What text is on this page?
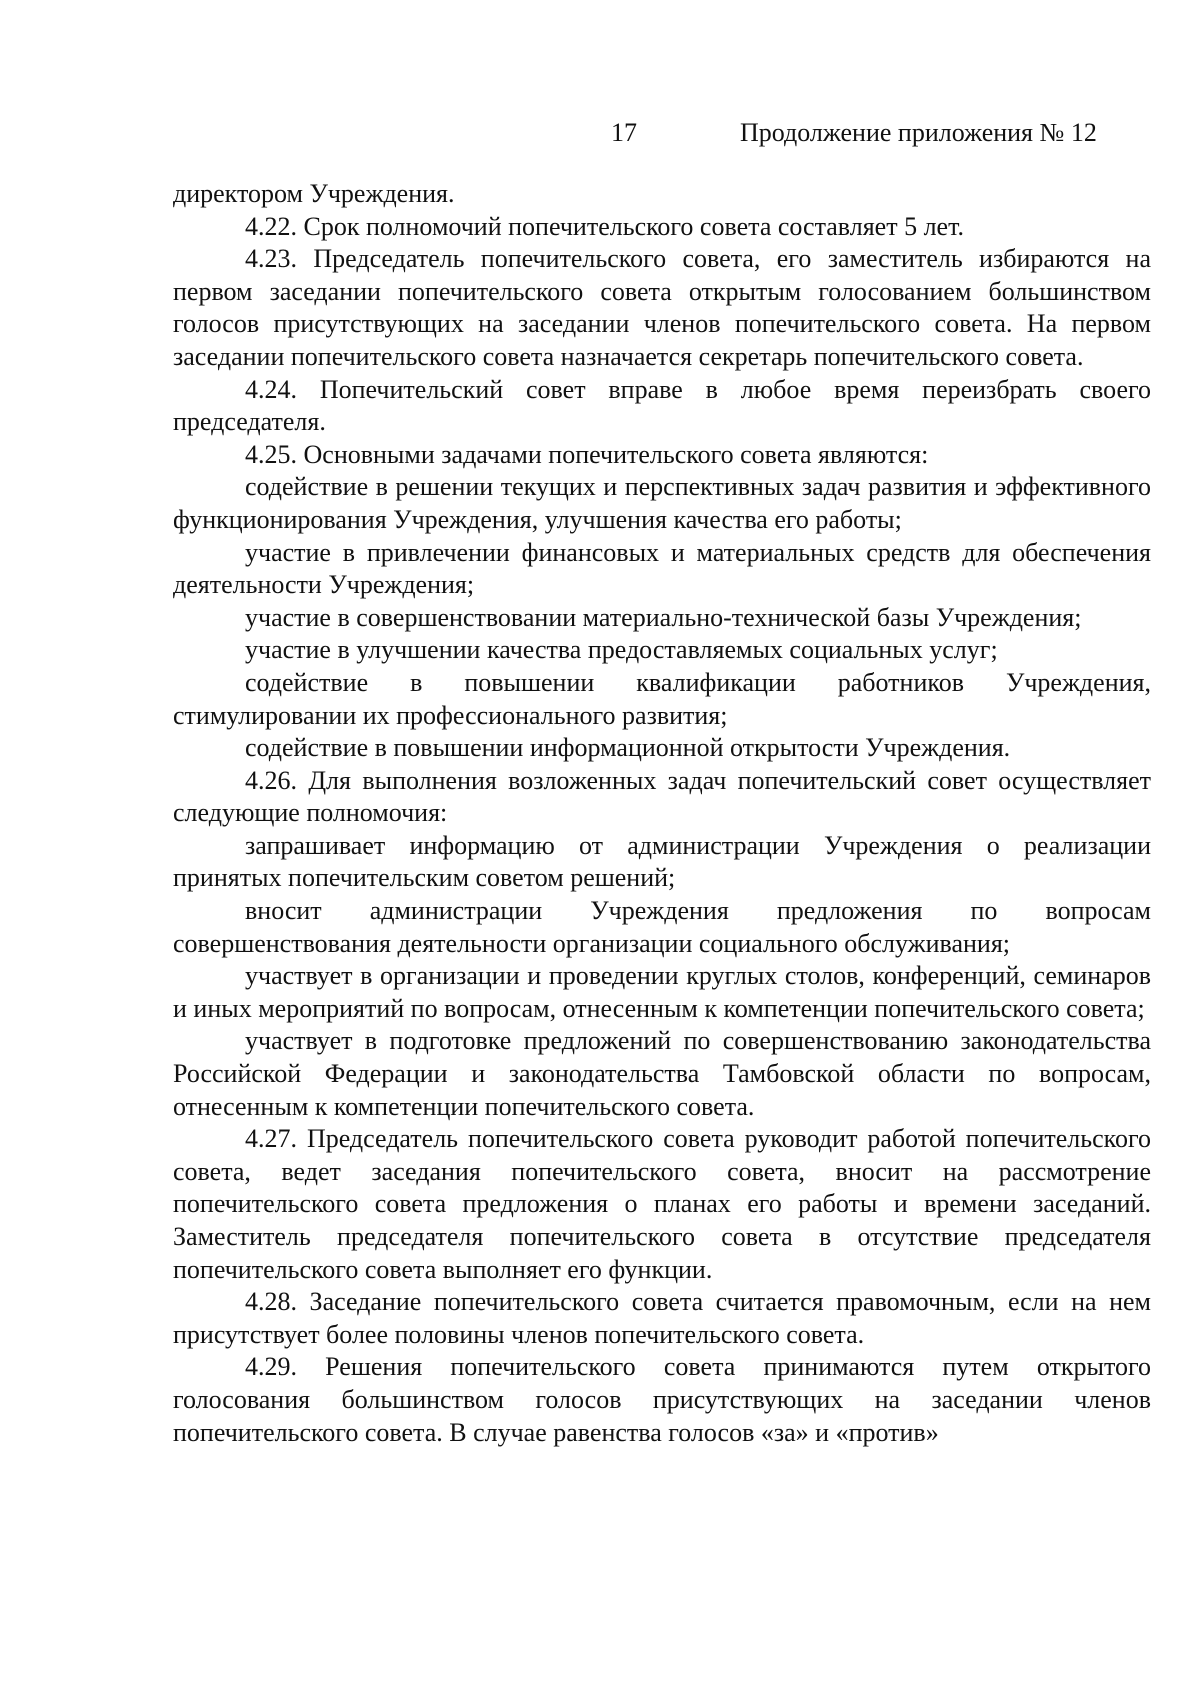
17	Продолжение приложения № 12

директором Учреждения.

4.22. Срок полномочий попечительского совета составляет 5 лет.

4.23. Председатель попечительского совета, его заместитель избираются на первом заседании попечительского совета открытым голосованием большинством голосов присутствующих на заседании членов попечительского совета. На первом заседании попечительского совета назначается секретарь попечительского совета.

4.24. Попечительский совет вправе в любое время переизбрать своего председателя.

4.25. Основными задачами попечительского совета являются:

содействие в решении текущих и перспективных задач развития и эффективного функционирования Учреждения, улучшения качества его работы;

участие в привлечении финансовых и материальных средств для обеспечения деятельности Учреждения;

участие в совершенствовании материально-технической базы Учреждения;

участие в улучшении качества предоставляемых социальных услуг;

содействие в повышении квалификации работников Учреждения, стимулировании их профессионального развития;

содействие в повышении информационной открытости Учреждения.

4.26. Для выполнения возложенных задач попечительский совет осуществляет следующие полномочия:

запрашивает информацию от администрации Учреждения о реализации принятых попечительским советом решений;

вносит администрации Учреждения предложения по вопросам совершенствования деятельности организации социального обслуживания;

участвует в организации и проведении круглых столов, конференций, семинаров и иных мероприятий по вопросам, отнесенным к компетенции попечительского совета;

участвует в подготовке предложений по совершенствованию законодательства Российской Федерации и законодательства Тамбовской области по вопросам, отнесенным к компетенции попечительского совета.

4.27. Председатель попечительского совета руководит работой попечительского совета, ведет заседания попечительского совета, вносит на рассмотрение попечительского совета предложения о планах его работы и времени заседаний. Заместитель председателя попечительского совета в отсутствие председателя попечительского совета выполняет его функции.

4.28. Заседание попечительского совета считается правомочным, если на нем присутствует более половины членов попечительского совета.

4.29. Решения попечительского совета принимаются путем открытого голосования большинством голосов присутствующих на заседании членов попечительского совета. В случае равенства голосов «за» и «против»
